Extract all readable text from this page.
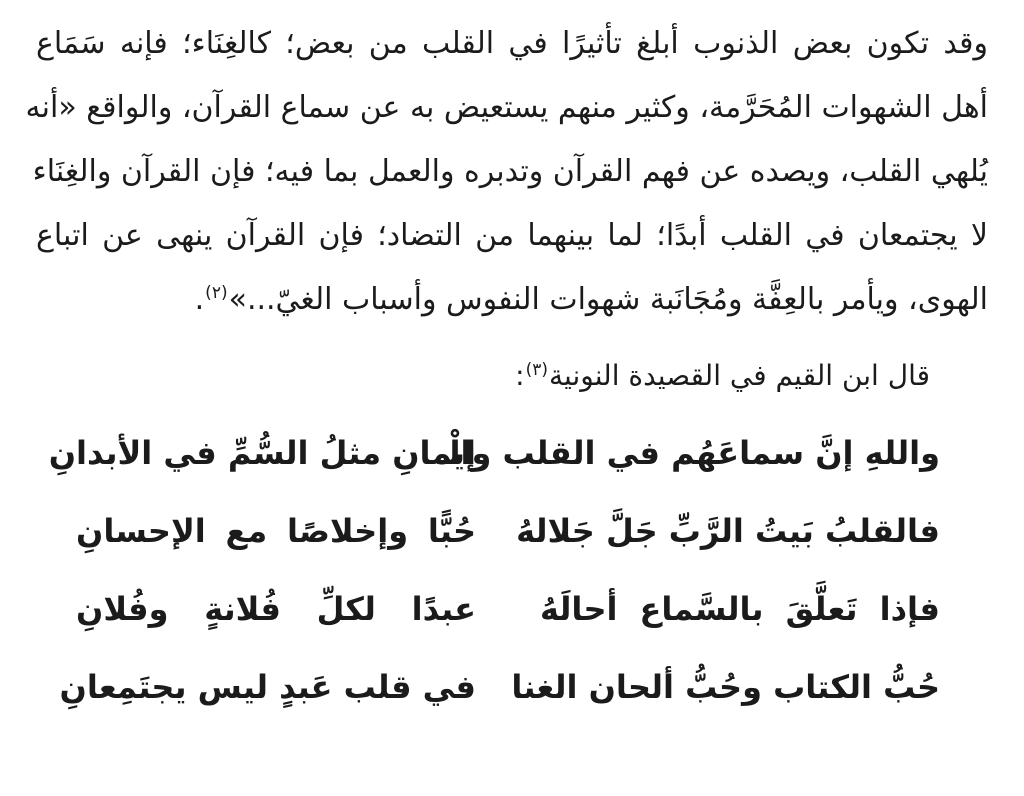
وقد تكون بعض الذنوب أبلغ تأثيرًا في القلب من بعض؛ كالغِنَاء؛ فإنه سَمَاع
أهل الشهوات المُحَرَّمة، وكثير منهم يستعيض به عن سماع القرآن، والواقع «أنه
يُلهي القلب، ويصده عن فهم القرآن وتدبره والعمل بما فيه؛ فإن القرآن والغِنَاء
لا يجتمعان في القلب أبدًا؛ لما بينهما من التضاد؛ فإن القرآن ينهى عن اتباع
الهوى، ويأمر بالعِفَّة ومُجَانَبة شهوات النفوس وأسباب الغيّ...»$^{(٢)}$.

قال ابن القيم في القصيدة النونية$^{(٣)}$:

واللهِ إنَّ سماعَهُم في القلب والْـ
إيمانِ مثلُ السُّمِّ في الأبدانِ
فالقلبُ بَيتُ الرَّبِّ جَلَّ جَلالهُ
حُبًّا وإخلاصًا مع الإحسانِ
فإذا تَعلَّقَ بالسَّماع أحالَهُ
عبدًا لكلِّ فُلانةٍ وفُلانِ
حُبُّ الكتاب وحُبُّ ألحان الغنا
في قلب عَبدٍ ليس يجتَمِعانِ
